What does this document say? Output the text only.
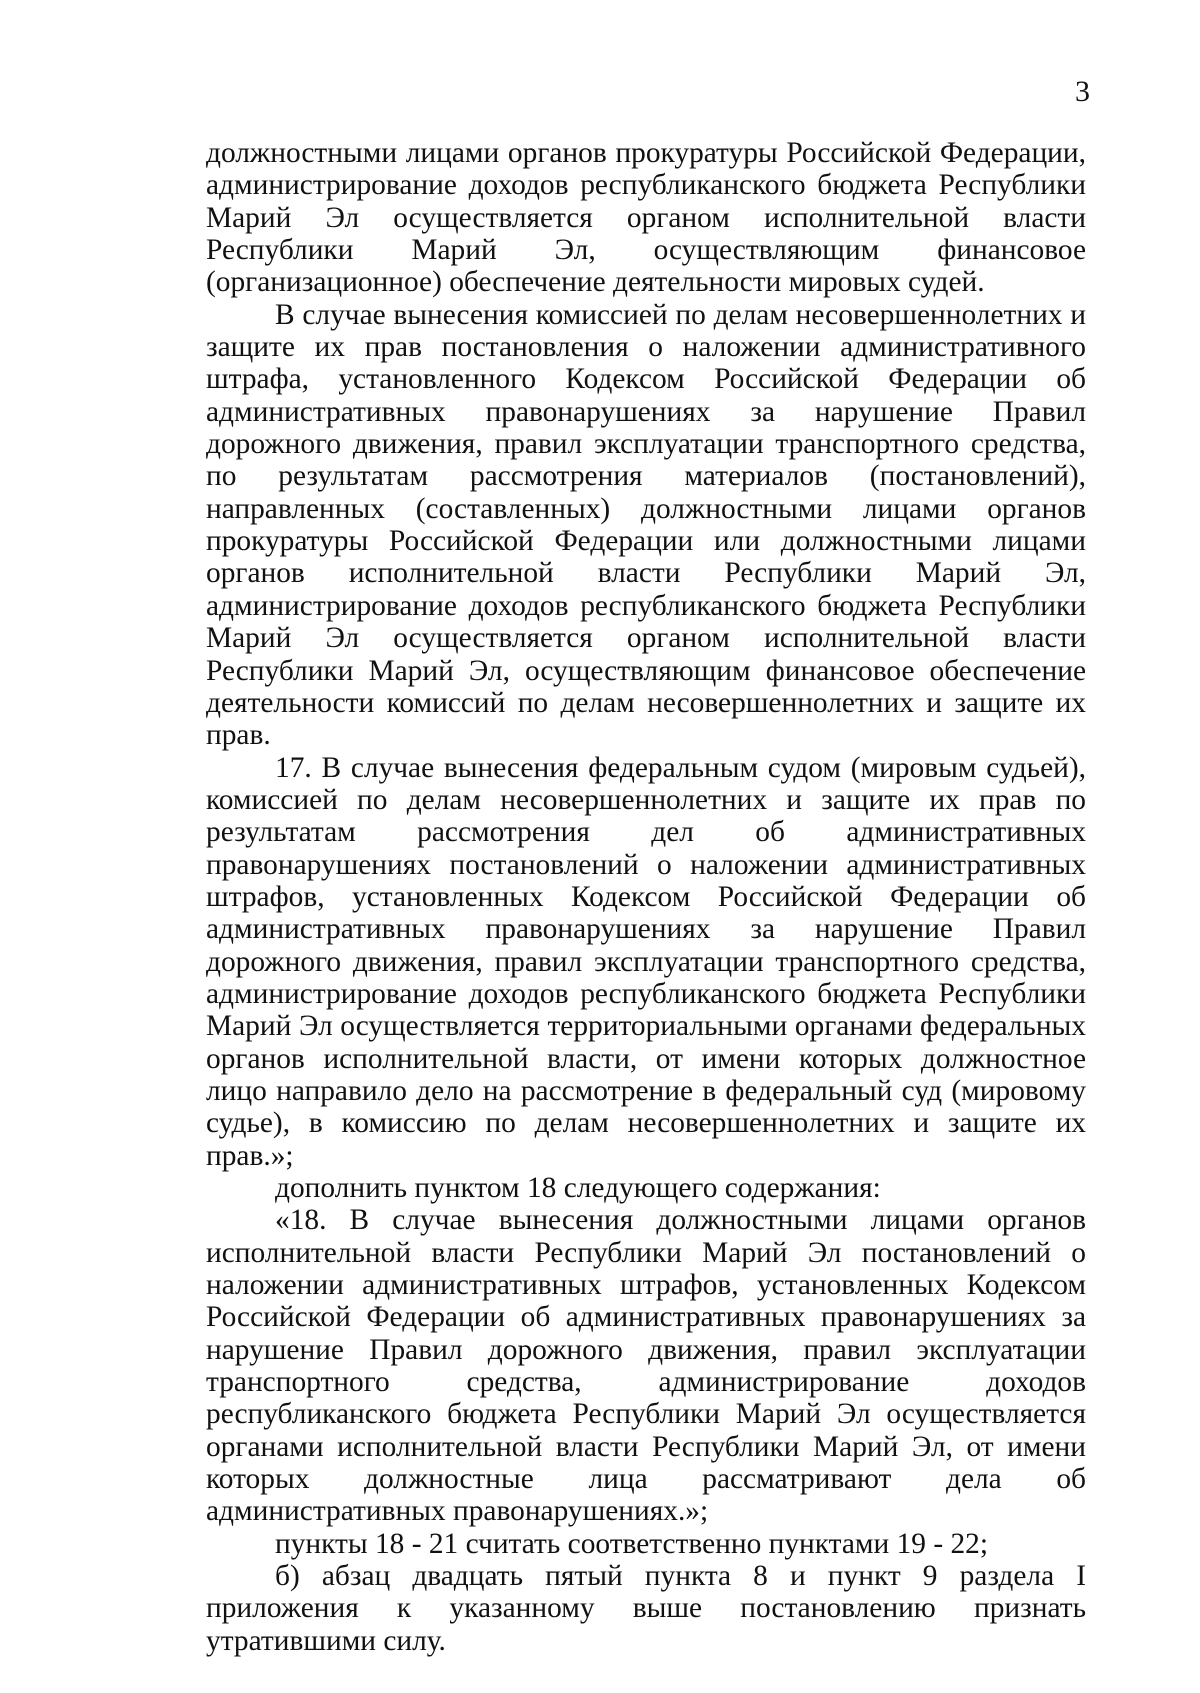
3

должностными лицами органов прокуратуры Российской Федерации, администрирование доходов республиканского бюджета Республики Марий Эл осуществляется органом исполнительной власти Республики Марий Эл, осуществляющим финансовое (организационное) обеспечение деятельности мировых судей.

В случае вынесения комиссией по делам несовершеннолетних и защите их прав постановления о наложении административного штрафа, установленного Кодексом Российской Федерации об административных правонарушениях за нарушение Правил дорожного движения, правил эксплуатации транспортного средства, по результатам рассмотрения материалов (постановлений), направленных (составленных) должностными лицами органов прокуратуры Российской Федерации или должностными лицами органов исполнительной власти Республики Марий Эл, администрирование доходов республиканского бюджета Республики Марий Эл осуществляется органом исполнительной власти Республики Марий Эл, осуществляющим финансовое обеспечение деятельности комиссий по делам несовершеннолетних и защите их прав.

17. В случае вынесения федеральным судом (мировым судьей), комиссией по делам несовершеннолетних и защите их прав по результатам рассмотрения дел об административных правонарушениях постановлений о наложении административных штрафов, установленных Кодексом Российской Федерации об административных правонарушениях за нарушение Правил дорожного движения, правил эксплуатации транспортного средства, администрирование доходов республиканского бюджета Республики Марий Эл осуществляется территориальными органами федеральных органов исполнительной власти, от имени которых должностное лицо направило дело на рассмотрение в федеральный суд (мировому судье), в комиссию по делам несовершеннолетних и защите их прав.»;

дополнить пунктом 18 следующего содержания:

«18. В случае вынесения должностными лицами органов исполнительной власти Республики Марий Эл постановлений о наложении административных штрафов, установленных Кодексом Российской Федерации об административных правонарушениях за нарушение Правил дорожного движения, правил эксплуатации транспортного средства, администрирование доходов республиканского бюджета Республики Марий Эл осуществляется органами исполнительной власти Республики Марий Эл, от имени которых должностные лица рассматривают дела об административных правонарушениях.»;

пункты 18 - 21 считать соответственно пунктами 19 - 22;

б) абзац двадцать пятый пункта 8 и пункт 9 раздела I приложения к указанному выше постановлению признать утратившими силу.
